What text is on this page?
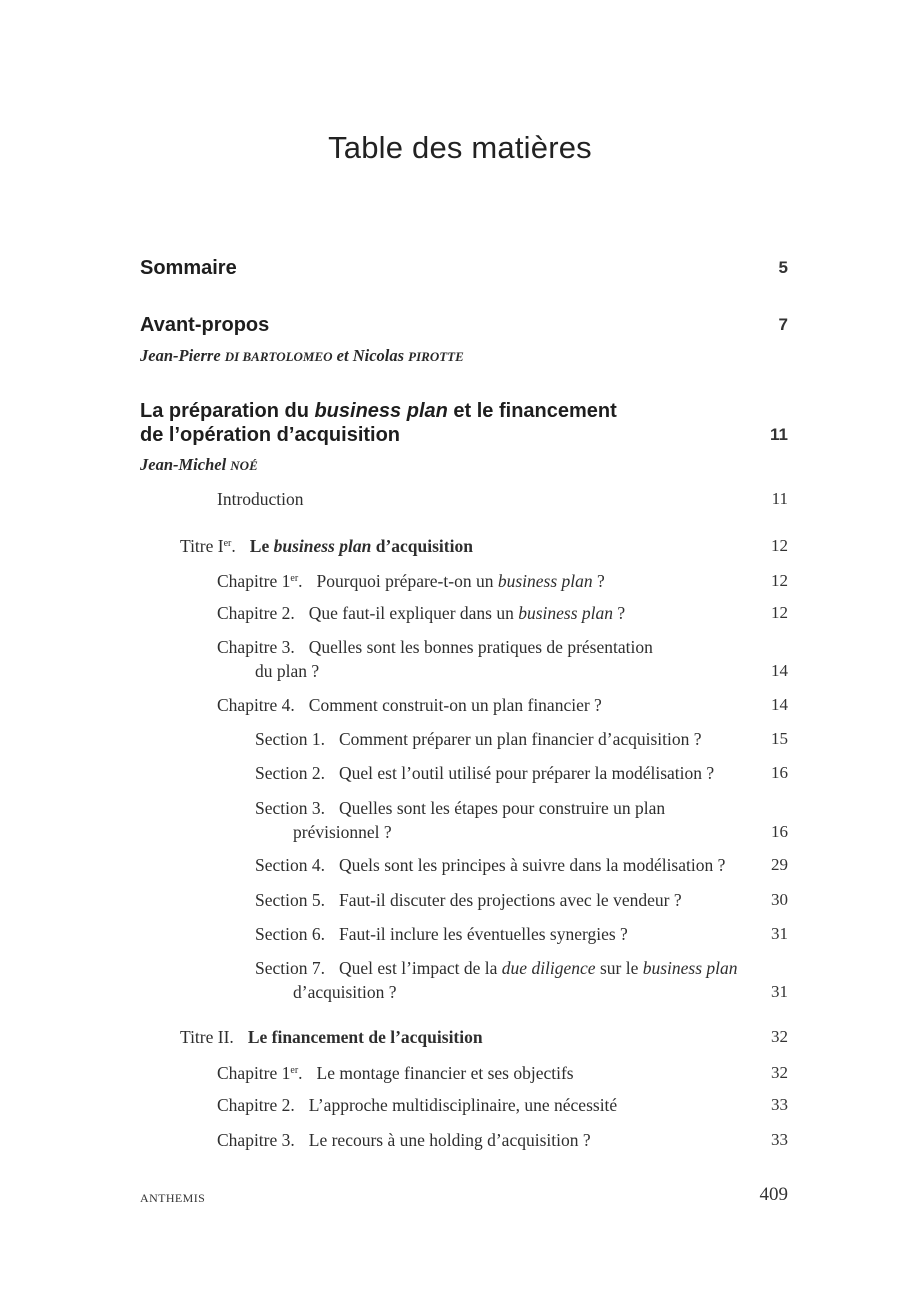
Table des matières
Sommaire	5
Avant-propos	7
Jean-Pierre DI BARTOLOMEO et Nicolas PIROTTE
La préparation du business plan et le financement
de l’opération d’acquisition	11
Jean-Michel NOÉ
Introduction	11
Titre Ier. Le business plan d’acquisition	12
Chapitre 1er. Pourquoi prépare-t-on un business plan ?	12
Chapitre 2. Que faut-il expliquer dans un business plan ?	12
Chapitre 3. Quelles sont les bonnes pratiques de présentation
du plan ?	14
Chapitre 4. Comment construit-on un plan financier ?	14
Section 1. Comment préparer un plan financier d’acquisition ?	15
Section 2. Quel est l’outil utilisé pour préparer la modélisation ?	16
Section 3. Quelles sont les étapes pour construire un plan
prévisionnel ?	16
Section 4. Quels sont les principes à suivre dans la modélisation ?	29
Section 5. Faut-il discuter des projections avec le vendeur ?	30
Section 6. Faut-il inclure les éventuelles synergies ?	31
Section 7. Quel est l’impact de la due diligence sur le business plan
d’acquisition ?	31
Titre II. Le financement de l’acquisition	32
Chapitre 1er. Le montage financier et ses objectifs	32
Chapitre 2. L’approche multidisciplinaire, une nécessité	33
Chapitre 3. Le recours à une holding d’acquisition ?	33
ANTHEMIS	409
